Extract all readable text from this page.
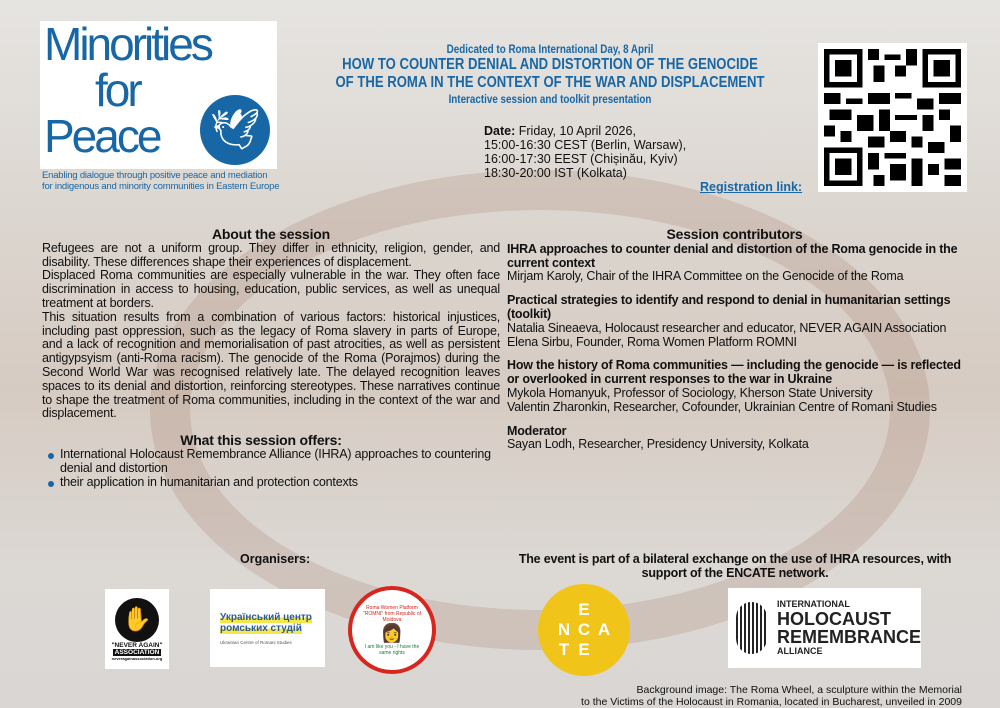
Minorities
for
Peace 🕊
Enabling dialogue through positive peace and mediation
for indigenous and minority communities in Eastern Europe
Dedicated to Roma International Day, 8 April
HOW TO COUNTER DENIAL AND DISTORTION OF THE GENOCIDE
OF THE ROMA IN THE CONTEXT OF THE WAR AND DISPLACEMENT
Interactive session and toolkit presentation
Date: Friday, 10 April 2026,
15:00-16:30 CEST (Berlin, Warsaw),
16:00-17:30 EEST (Chișinău, Kyiv)
18:30-20:00 IST (Kolkata)
Registration link:
About the session

Refugees are not a uniform group. They differ in ethnicity, religion, gender, and disability. These differences shape their experiences of displacement.

Displaced Roma communities are especially vulnerable in the war. They often face discrimination in access to housing, education, public services, as well as unequal treatment at borders.

This situation results from a combination of various factors: historical injustices, including past oppression, such as the legacy of Roma slavery in parts of Europe, and a lack of recognition and memorialisation of past atrocities, as well as persistent antigypsyism (anti-Roma racism). The genocide of the Roma (Porajmos) during the Second World War was recognised relatively late. The delayed recognition leaves spaces to its denial and distortion, reinforcing stereotypes. These narratives continue to shape the treatment of Roma communities, including in the context of the war and displacement.

What this session offers:
International Holocaust Remembrance Alliance (IHRA) approaches to countering denial and distortion
their application in humanitarian and protection contexts
Session contributors
IHRA approaches to counter denial and distortion of the Roma genocide in the current context
Mirjam Karoly, Chair of the IHRA Committee on the Genocide of the Roma
Practical strategies to identify and respond to denial in humanitarian settings (toolkit)
Natalia Sineaeva, Holocaust researcher and educator, NEVER AGAIN Association
Elena Sirbu, Founder, Roma Women Platform ROMNI
How the history of Roma communities — including the genocide — is reflected or overlooked in current responses to the war in Ukraine
Mykola Homanyuk, Professor of Sociology, Kherson State University
Valentin Zharonkin, Researcher, Cofounder, Ukrainian Centre of Romani Studies
Moderator
Sayan Lodh, Researcher, Presidency University, Kolkata
Organisers:	The event is part of a bilateral exchange on the use of IHRA resources, with support of the ENCATE network.
✋
"NEVER AGAIN"
ASSOCIATION
neveragainassociation.org
Український центр
ромських студій
Ukrainian Centre of Romani Studies
Roma Women Platform "ROMNI" from Republic of Moldova
👩
I am like you - I have the same rights
E
N C A
T E
INTERNATIONAL
HOLOCAUST
REMEMBRANCE
ALLIANCE
Background image: The Roma Wheel, a sculpture within the Memorial
to the Victims of the Holocaust in Romania, located in Bucharest, unveiled in 2009
